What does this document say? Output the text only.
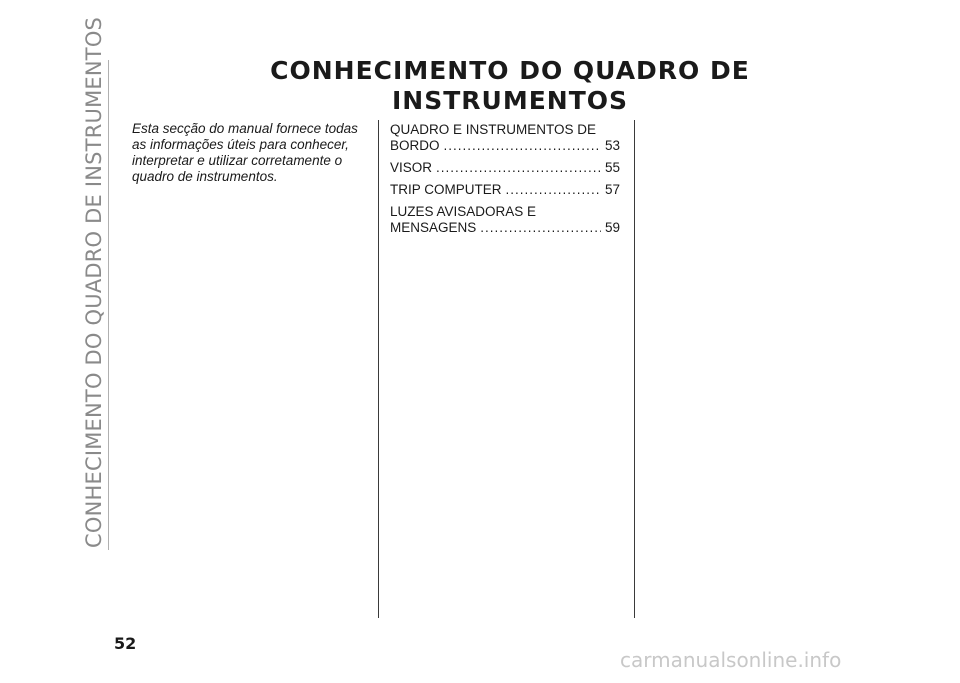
CONHECIMENTO DO QUADRO DE INSTRUMENTOS	CONHECIMENTO DO QUADRO DE
INSTRUMENTOS
Esta secção do manual fornece todas as informações úteis para conhecer, interpretar e utilizar corretamente o quadro de instrumentos.
QUADRO E INSTRUMENTOS DE
BORDO .....	53
VISOR .....	55
TRIP COMPUTER .....	57
LUZES AVISADORAS E
MENSAGENS .....	59
52
carmanualsonline.info
